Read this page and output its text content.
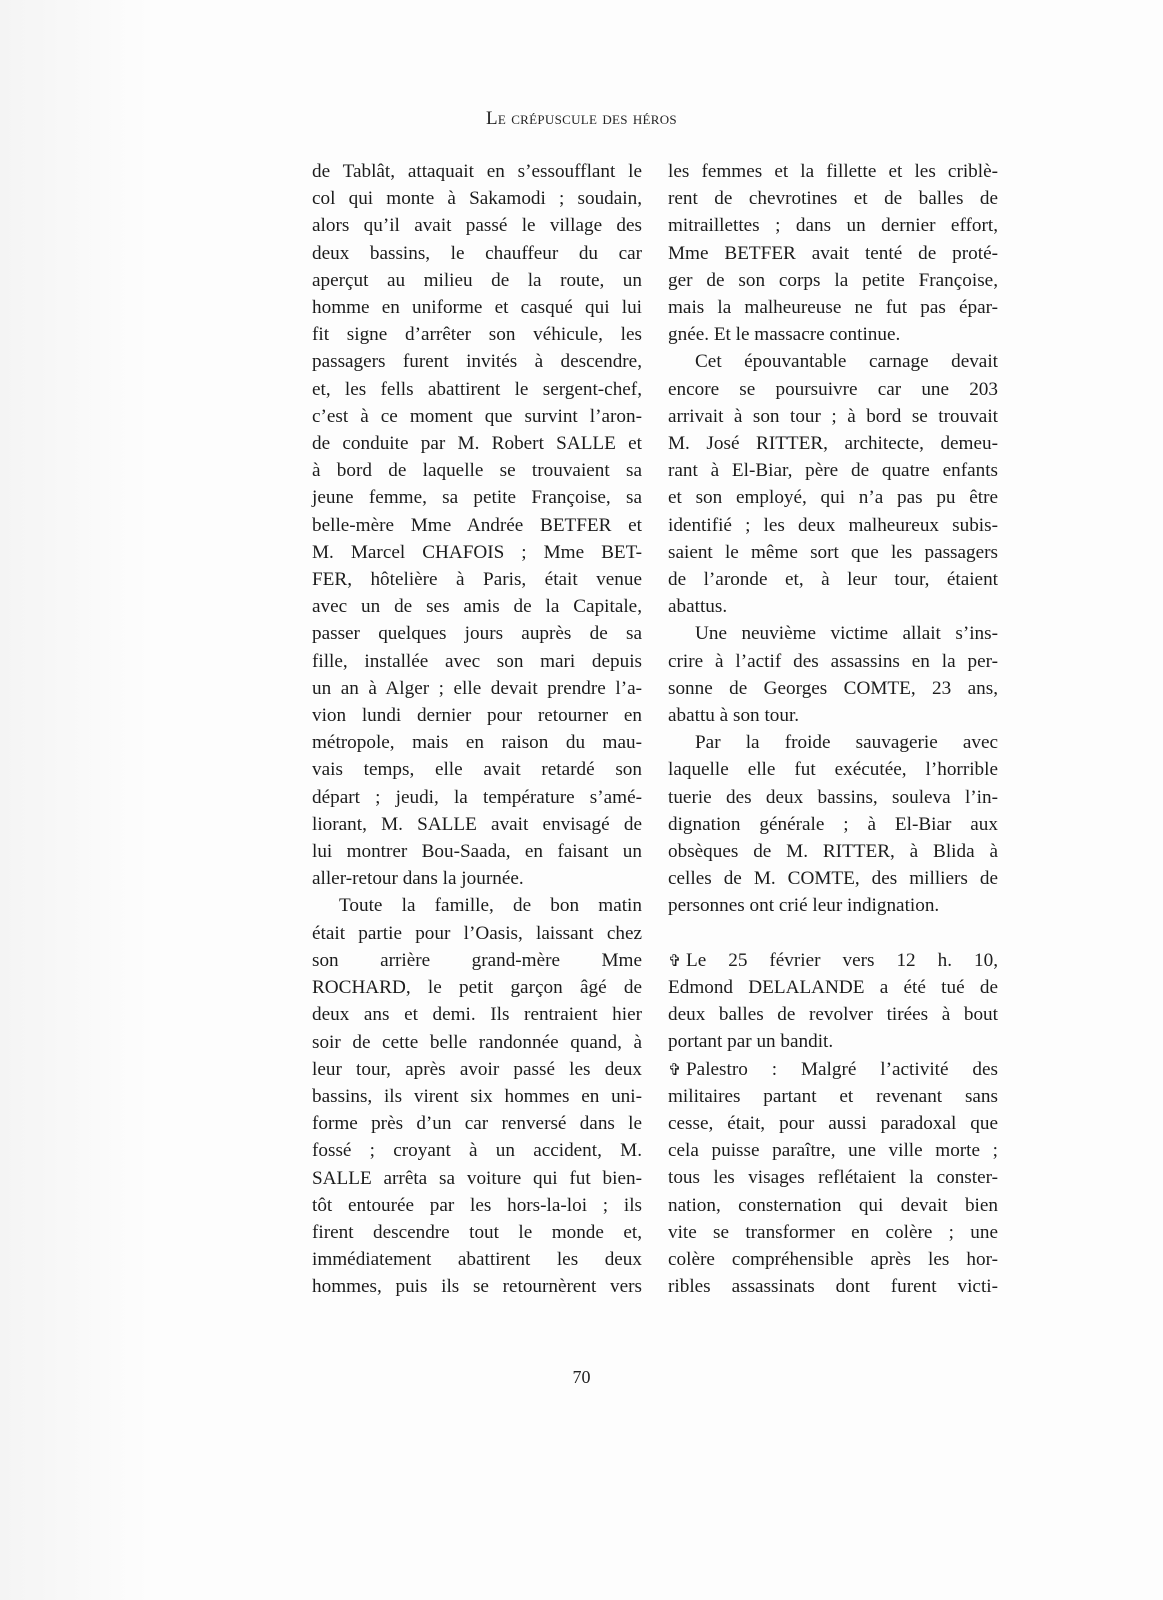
Le crépuscule des héros

de Tablât, attaquait en s’essoufflant le

col qui monte à Sakamodi ; soudain,

alors qu’il avait passé le village des

deux bassins, le chauffeur du car

aperçut au milieu de la route, un

homme en uniforme et casqué qui lui

fit signe d’arrêter son véhicule, les

passagers furent invités à descendre,

et, les fells abattirent le sergent-chef,

c’est à ce moment que survint l’aron-

de conduite par M. Robert SALLE et

à bord de laquelle se trouvaient sa

jeune femme, sa petite Françoise, sa

belle-mère Mme Andrée BETFER et

M. Marcel CHAFOIS ; Mme BET-

FER, hôtelière à Paris, était venue

avec un de ses amis de la Capitale,

passer quelques jours auprès de sa

fille, installée avec son mari depuis

un an à Alger ; elle devait prendre l’a-

vion lundi dernier pour retourner en

métropole, mais en raison du mau-

vais temps, elle avait retardé son

départ ; jeudi, la température s’amé-

liorant, M. SALLE avait envisagé de

lui montrer Bou-Saada, en faisant un

aller-retour dans la journée.

Toute la famille, de bon matin

était partie pour l’Oasis, laissant chez

son arrière grand-mère Mme

ROCHARD, le petit garçon âgé de

deux ans et demi. Ils rentraient hier

soir de cette belle randonnée quand, à

leur tour, après avoir passé les deux

bassins, ils virent six hommes en uni-

forme près d’un car renversé dans le

fossé ; croyant à un accident, M.

SALLE arrêta sa voiture qui fut bien-

tôt entourée par les hors-la-loi ; ils

firent descendre tout le monde et,

immédiatement abattirent les deux

hommes, puis ils se retournèrent vers

les femmes et la fillette et les criblè-

rent de chevrotines et de balles de

mitraillettes ; dans un dernier effort,

Mme BETFER avait tenté de proté-

ger de son corps la petite Françoise,

mais la malheureuse ne fut pas épar-

gnée. Et le massacre continue.

Cet épouvantable carnage devait

encore se poursuivre car une 203

arrivait à son tour ; à bord se trouvait

M. José RITTER, architecte, demeu-

rant à El-Biar, père de quatre enfants

et son employé, qui n’a pas pu être

identifié ; les deux malheureux subis-

saient le même sort que les passagers

de l’aronde et, à leur tour, étaient

abattus.

Une neuvième victime allait s’ins-

crire à l’actif des assassins en la per-

sonne de Georges COMTE, 23 ans,

abattu à son tour.

Par la froide sauvagerie avec

laquelle elle fut exécutée, l’horrible

tuerie des deux bassins, souleva l’in-

dignation générale ; à El-Biar aux

obsèques de M. RITTER, à Blida à

celles de M. COMTE, des milliers de

personnes ont crié leur indignation.

✞ Le 25 février vers 12 h. 10,

Edmond DELALANDE a été tué de

deux balles de revolver tirées à bout

portant par un bandit.

✞ Palestro : Malgré l’activité des

militaires partant et revenant sans

cesse, était, pour aussi paradoxal que

cela puisse paraître, une ville morte ;

tous les visages reflétaient la conster-

nation, consternation qui devait bien

vite se transformer en colère ; une

colère compréhensible après les hor-

ribles assassinats dont furent victi-

70
